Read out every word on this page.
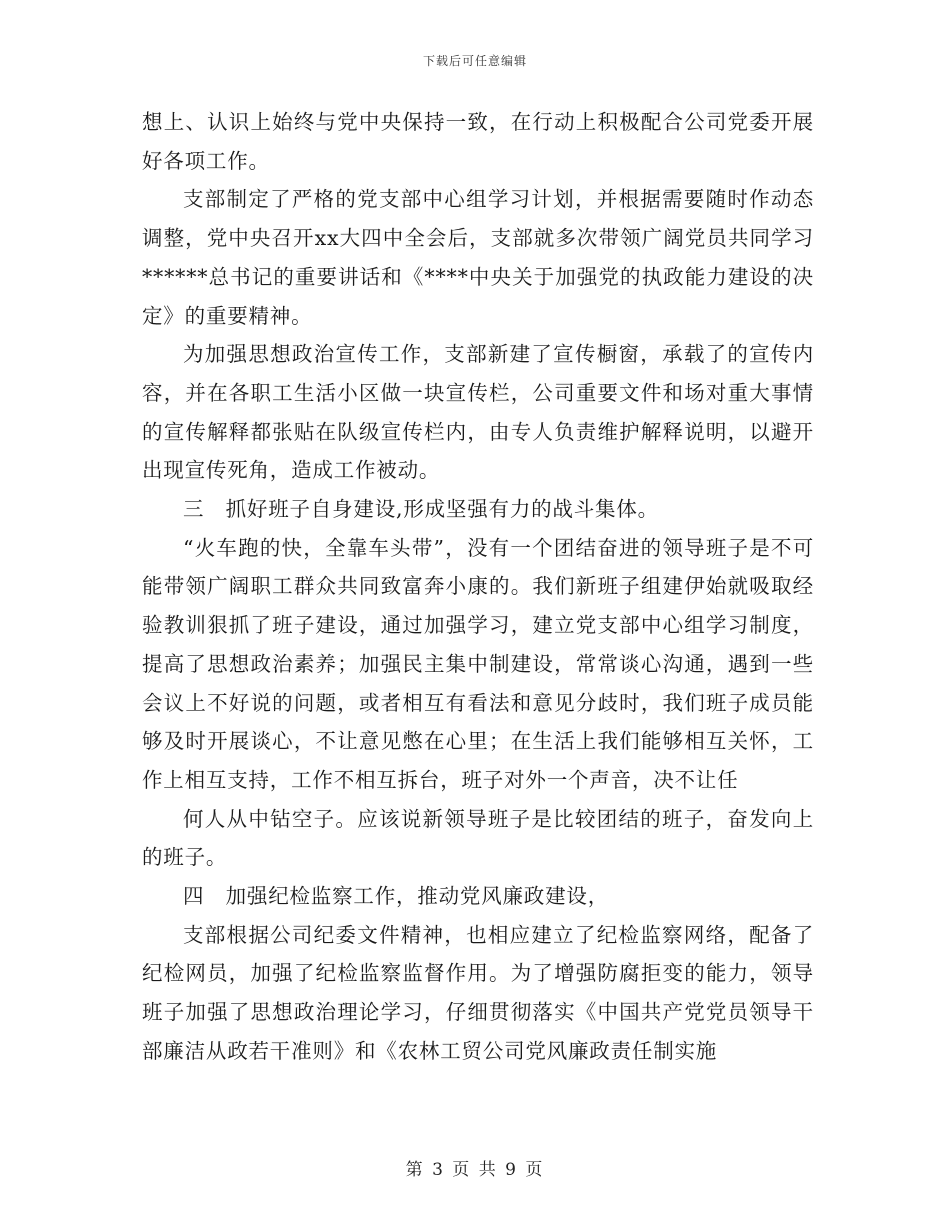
下载后可任意编辑

想上、认识上始终与党中央保持一致，在行动上积极配合公司党委开展好各项工作。

支部制定了严格的党支部中心组学习计划，并根据需要随时作动态调整，党中央召开xx大四中全会后，支部就多次带领广阔党员共同学习******总书记的重要讲话和《****中央关于加强党的执政能力建设的决定》的重要精神。

为加强思想政治宣传工作，支部新建了宣传橱窗，承载了的宣传内容，并在各职工生活小区做一块宣传栏，公司重要文件和场对重大事情的宣传解释都张贴在队级宣传栏内，由专人负责维护解释说明，以避开出现宣传死角，造成工作被动。

三　抓好班子自身建设,形成坚强有力的战斗集体。

“火车跑的快，全靠车头带”，没有一个团结奋进的领导班子是不可能带领广阔职工群众共同致富奔小康的。我们新班子组建伊始就吸取经验教训狠抓了班子建设，通过加强学习，建立党支部中心组学习制度，提高了思想政治素养；加强民主集中制建设，常常谈心沟通，遇到一些会议上不好说的问题，或者相互有看法和意见分歧时，我们班子成员能够及时开展谈心，不让意见憋在心里；在生活上我们能够相互关怀，工作上相互支持，工作不相互拆台，班子对外一个声音，决不让任

何人从中钻空子。应该说新领导班子是比较团结的班子，奋发向上的班子。

四　加强纪检监察工作，推动党风廉政建设，

支部根据公司纪委文件精神，也相应建立了纪检监察网络，配备了纪检网员，加强了纪检监察监督作用。为了增强防腐拒变的能力，领导班子加强了思想政治理论学习，仔细贯彻落实《中国共产党党员领导干部廉洁从政若干准则》和《农林工贸公司党风廉政责任制实施

第 3 页 共 9 页
